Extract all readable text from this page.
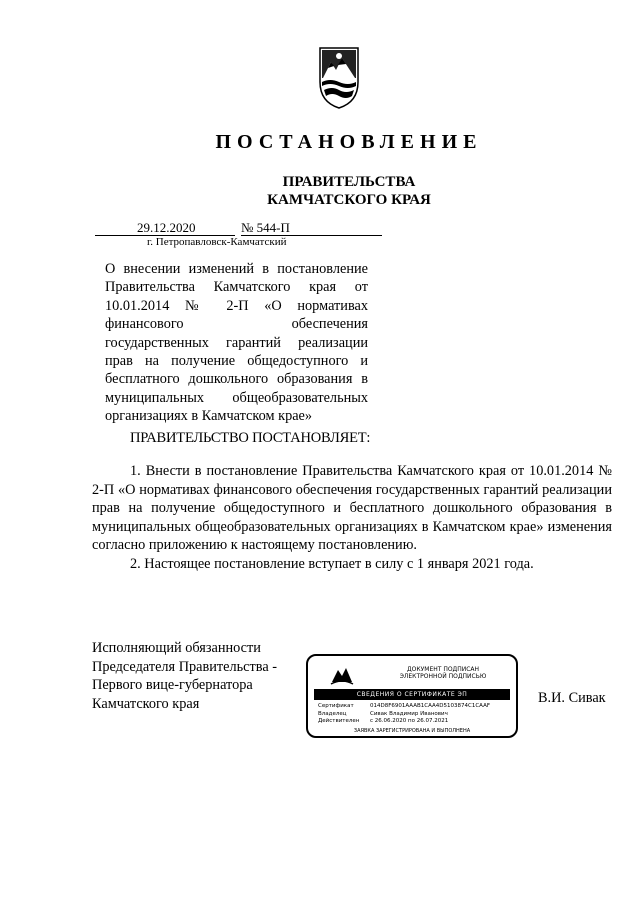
ПОСТАНОВЛЕНИЕ
ПРАВИТЕЛЬСТВА
КАМЧАТСКОГО КРАЯ
29.12.2020	№ 544-П
г. Петропавловск-Камчатский
О внесении изменений в постановление Правительства Камчатского края от 10.01.2014 № 2-П «О нормативах финансового обеспечения государственных гарантий реализации прав на получение общедоступного и бесплатного дошкольного образования в муниципальных общеобразовательных организациях в Камчатском крае»
ПРАВИТЕЛЬСТВО ПОСТАНОВЛЯЕТ:

1. Внести в постановление Правительства Камчатского края от 10.01.2014 № 2-П «О нормативах финансового обеспечения государственных гарантий реализации прав на получение общедоступного и бесплатного дошкольного образования в муниципальных общеобразовательных организациях в Камчатском крае» изменения согласно приложению к настоящему постановлению.

2. Настоящее постановление вступает в силу с 1 января 2021 года.

Исполняющий обязанности
Председателя Правительства -
Первого вице-губернатора
Камчатского края
ДОКУМЕНТ ПОДПИСАН
ЭЛЕКТРОННОЙ ПОДПИСЬЮ
СВЕДЕНИЯ О СЕРТИФИКАТЕ ЭП
Сертификат	014D8F6901AAAB1CAA4D5103874C1CAAF
Владелец	Сивак Владимир Иванович
Действителен с 26.06.2020 по 26.07.2021
ЗАЯВКА ЗАРЕГИСТРИРОВАНА И ВЫПОЛНЕНА
В.И. Сивак
